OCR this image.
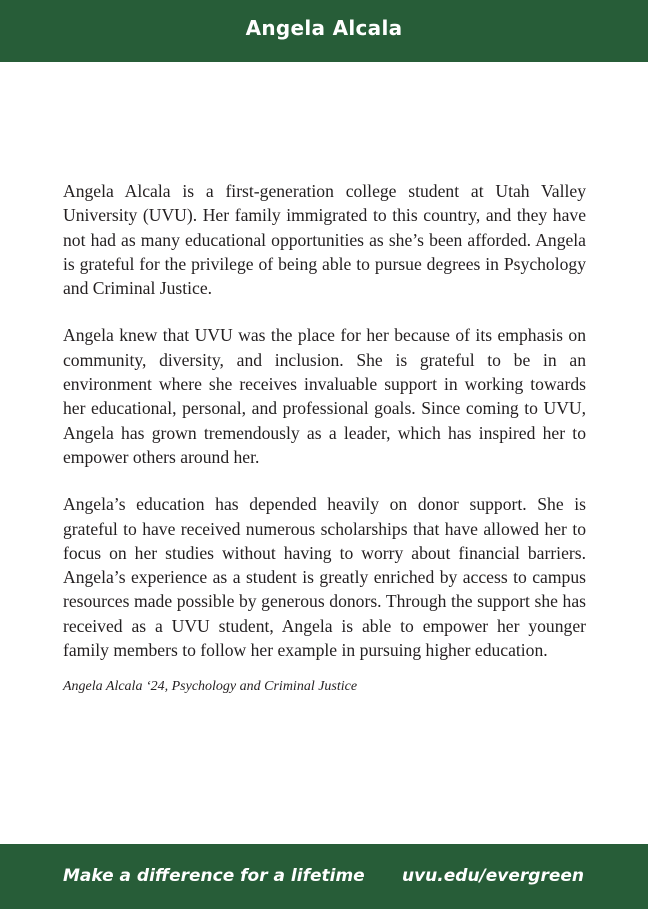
Angela Alcala

Angela Alcala is a first-generation college student at Utah Valley University (UVU). Her family immigrated to this country, and they have not had as many educational opportunities as she’s been afforded. Angela is grateful for the privilege of being able to pursue degrees in Psychology and Criminal Justice.

Angela knew that UVU was the place for her because of its emphasis on community, diversity, and inclusion. She is grateful to be in an environment where she receives invaluable support in working towards her educational, personal, and professional goals. Since coming to UVU, Angela has grown tremendously as a leader, which has inspired her to empower others around her.

Angela’s education has depended heavily on donor support. She is grateful to have received numerous scholarships that have allowed her to focus on her studies without having to worry about financial barriers. Angela’s experience as a student is greatly enriched by access to campus resources made possible by generous donors. Through the support she has received as a UVU student, Angela is able to empower her younger family members to follow her example in pursuing higher education.

Angela Alcala ‘24, Psychology and Criminal Justice

Make a difference for a lifetime uvu.edu/evergreen
